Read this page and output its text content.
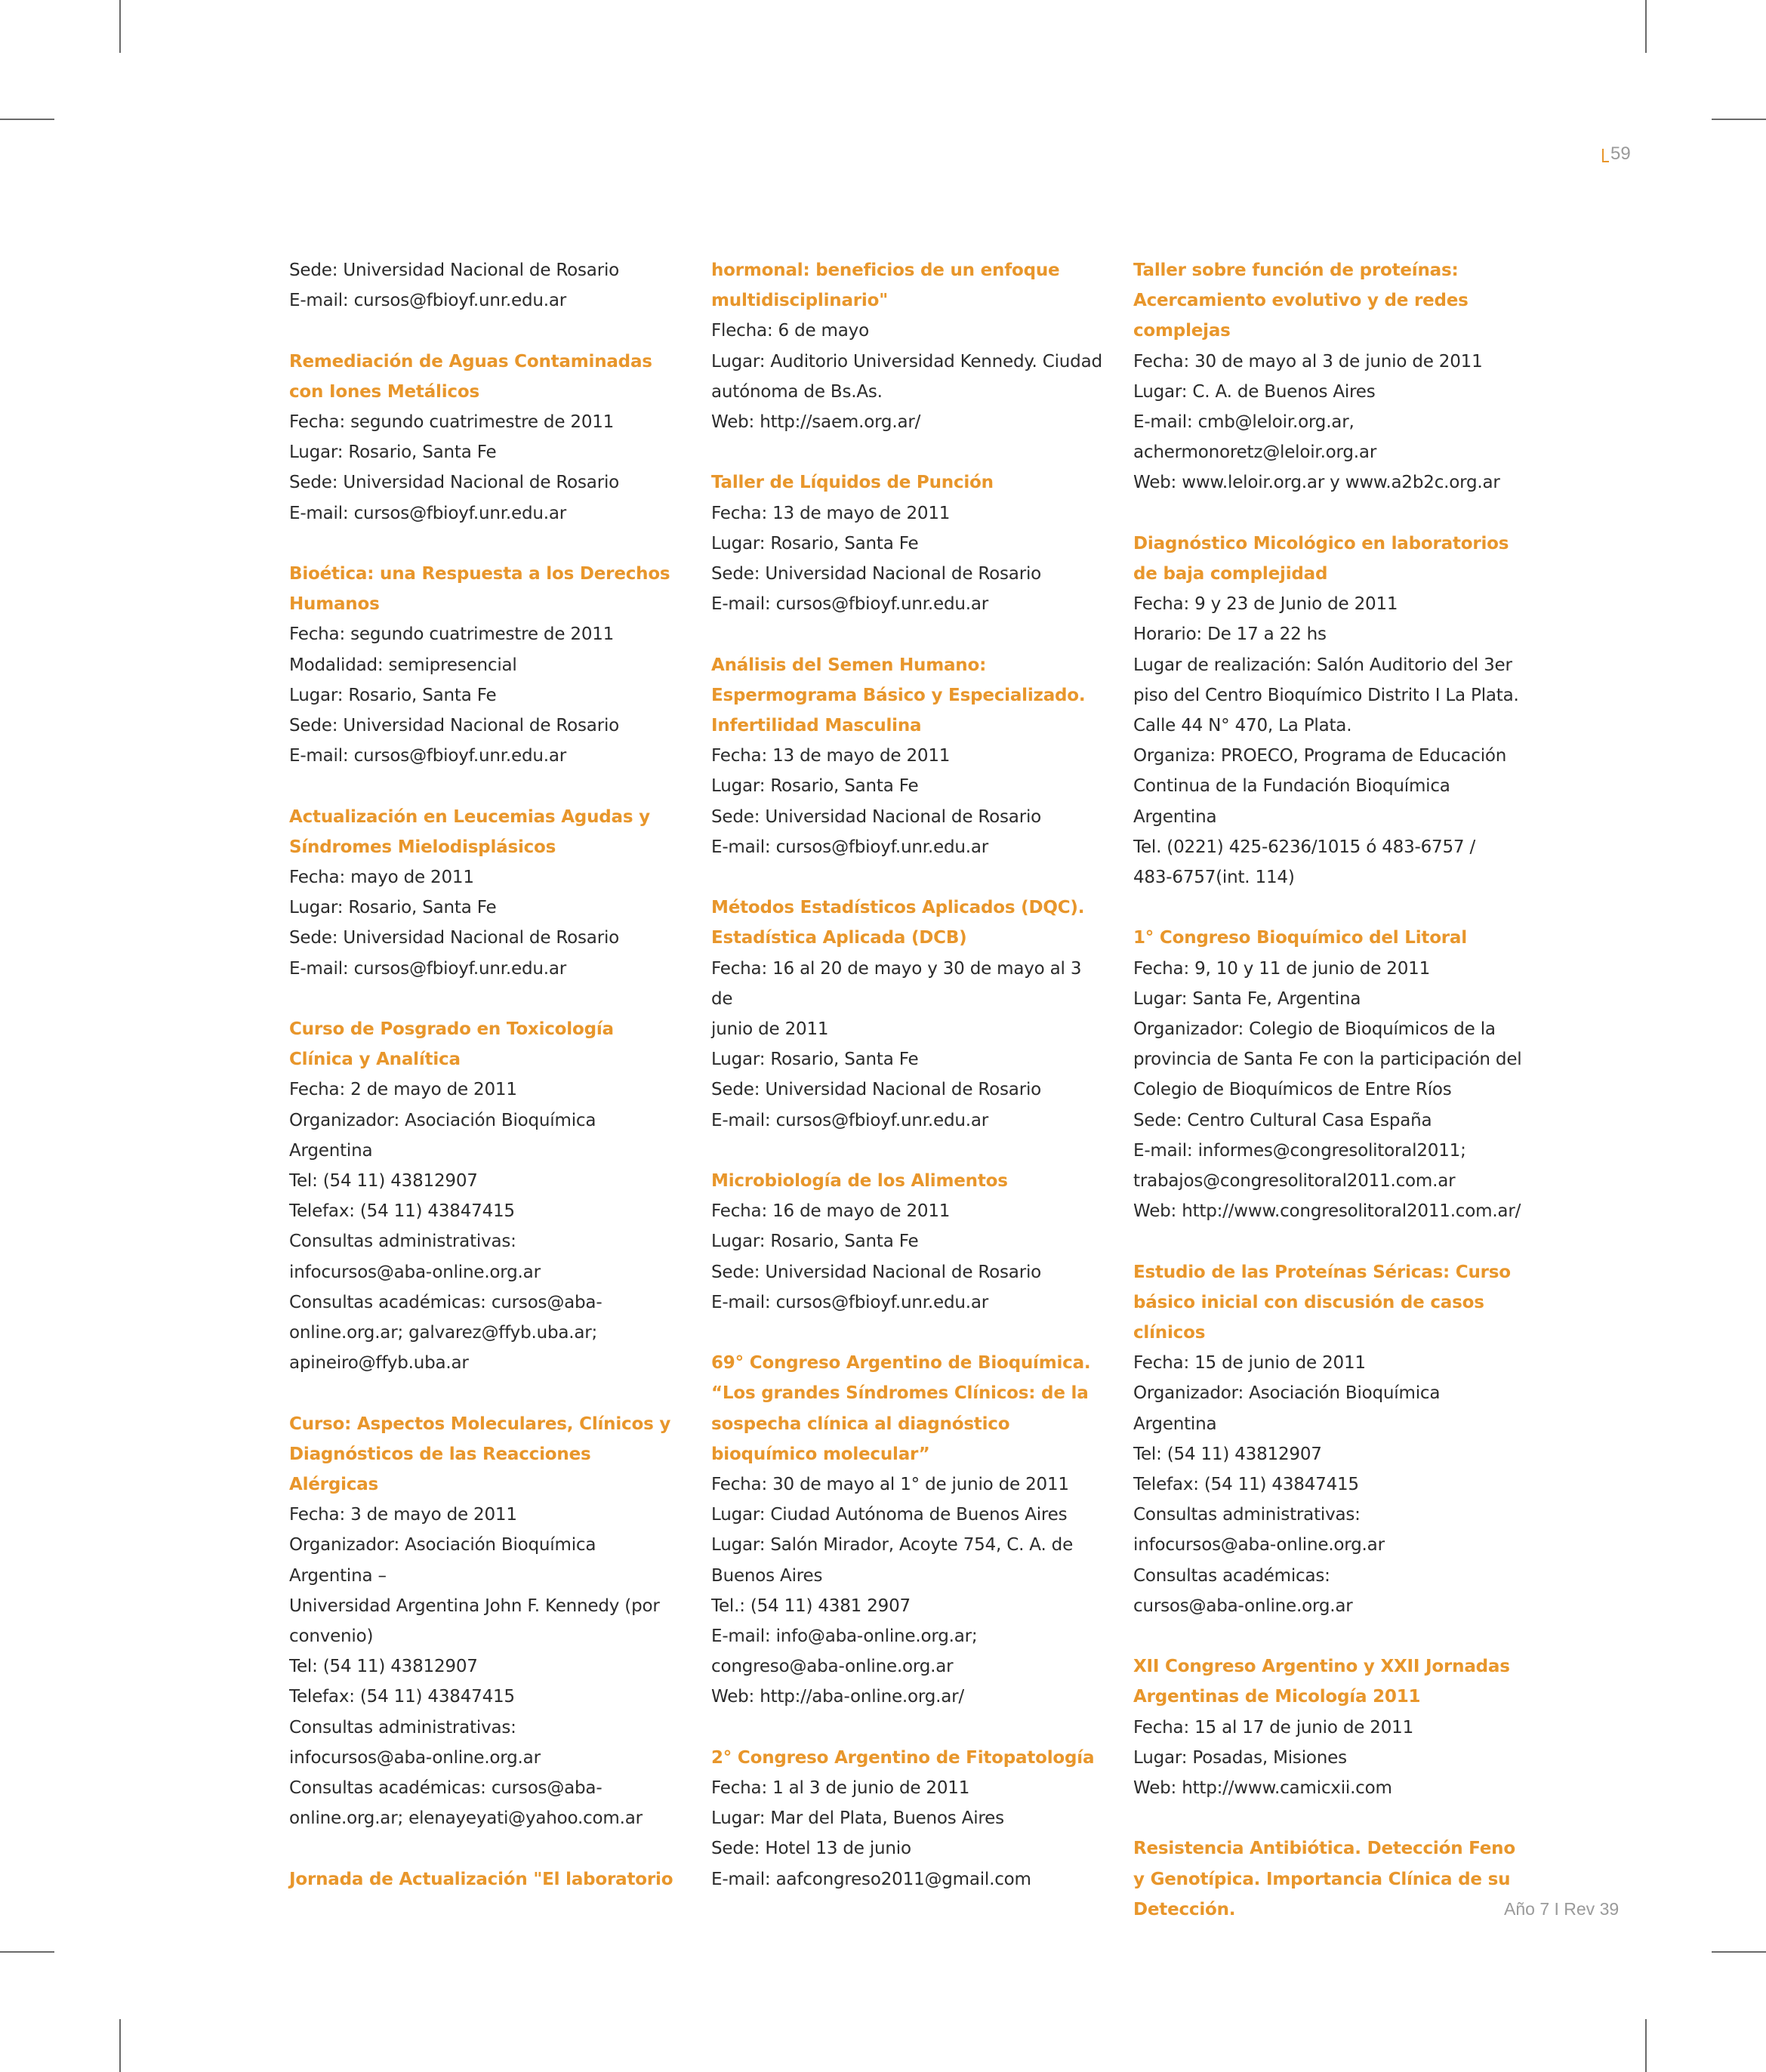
59
Sede: Universidad Nacional de Rosario
E-mail: cursos@fbioyf.unr.edu.ar
Remediación de Aguas Contaminadas con Iones Metálicos
Fecha: segundo cuatrimestre de 2011
Lugar: Rosario, Santa Fe
Sede: Universidad Nacional de Rosario
E-mail: cursos@fbioyf.unr.edu.ar
Bioética: una Respuesta a los Derechos Humanos
Fecha: segundo cuatrimestre de 2011
Modalidad: semipresencial
Lugar: Rosario, Santa Fe
Sede: Universidad Nacional de Rosario
E-mail: cursos@fbioyf.unr.edu.ar
Actualización en Leucemias Agudas y Síndromes Mielodisplásicos
Fecha: mayo de 2011
Lugar: Rosario, Santa Fe
Sede: Universidad Nacional de Rosario
E-mail: cursos@fbioyf.unr.edu.ar
Curso de Posgrado en Toxicología Clínica y Analítica
Fecha: 2 de mayo de 2011
Organizador: Asociación Bioquímica Argentina
Tel: (54 11) 43812907
Telefax: (54 11) 43847415
Consultas administrativas:
infocursos@aba-online.org.ar
Consultas académicas: cursos@aba-
online.org.ar; galvarez@ffyb.uba.ar;
apineiro@ffyb.uba.ar
Curso: Aspectos Moleculares, Clínicos y Diagnósticos de las Reacciones Alérgicas
Fecha: 3 de mayo de 2011
Organizador: Asociación Bioquímica Argentina –
Universidad Argentina John F. Kennedy (por
convenio)
Tel: (54 11) 43812907
Telefax: (54 11) 43847415
Consultas administrativas:
infocursos@aba-online.org.ar
Consultas académicas: cursos@aba-
online.org.ar; elenayeyati@yahoo.com.ar
Jornada de Actualización "El laboratorio
hormonal: beneficios de un enfoque multidisciplinario"
Flecha: 6 de mayo
Lugar: Auditorio Universidad Kennedy. Ciudad
autónoma de Bs.As.
Web: http://saem.org.ar/
Taller de Líquidos de Punción
Fecha: 13 de mayo de 2011
Lugar: Rosario, Santa Fe
Sede: Universidad Nacional de Rosario
E-mail: cursos@fbioyf.unr.edu.ar
Análisis del Semen Humano: Espermograma Básico y Especializado. Infertilidad Masculina
Fecha: 13 de mayo de 2011
Lugar: Rosario, Santa Fe
Sede: Universidad Nacional de Rosario
E-mail: cursos@fbioyf.unr.edu.ar
Métodos Estadísticos Aplicados (DQC). Estadística Aplicada (DCB)
Fecha: 16 al 20 de mayo y 30 de mayo al 3 de
junio de 2011
Lugar: Rosario, Santa Fe
Sede: Universidad Nacional de Rosario
E-mail: cursos@fbioyf.unr.edu.ar
Microbiología de los Alimentos
Fecha: 16 de mayo de 2011
Lugar: Rosario, Santa Fe
Sede: Universidad Nacional de Rosario
E-mail: cursos@fbioyf.unr.edu.ar
69° Congreso Argentino de Bioquímica. “Los grandes Síndromes Clínicos: de la sospecha clínica al diagnóstico bioquímico molecular”
Fecha: 30 de mayo al 1° de junio de 2011
Lugar: Ciudad Autónoma de Buenos Aires
Lugar: Salón Mirador, Acoyte 754, C. A. de
Buenos Aires
Tel.: (54 11) 4381 2907
E-mail: info@aba-online.org.ar;
congreso@aba-online.org.ar
Web: http://aba-online.org.ar/
2° Congreso Argentino de Fitopatología
Fecha: 1 al 3 de junio de 2011
Lugar: Mar del Plata, Buenos Aires
Sede: Hotel 13 de junio
E-mail: aafcongreso2011@gmail.com
Taller sobre función de proteínas: Acercamiento evolutivo y de redes complejas
Fecha: 30 de mayo al 3 de junio de 2011
Lugar: C. A. de Buenos Aires
E-mail: cmb@leloir.org.ar,
achermonoretz@leloir.org.ar
Web: www.leloir.org.ar y www.a2b2c.org.ar
Diagnóstico Micológico en laboratorios de baja complejidad
Fecha: 9 y 23 de Junio de 2011
Horario: De 17 a 22 hs
Lugar de realización: Salón Auditorio del 3er
piso del Centro Bioquímico Distrito I La Plata.
Calle 44 N° 470, La Plata.
Organiza: PROECO, Programa de Educación
Continua de la Fundación Bioquímica Argentina
Tel. (0221) 425-6236/1015 ó 483-6757 /
483-6757(int. 114)
1° Congreso Bioquímico del Litoral
Fecha: 9, 10 y 11 de junio de 2011
Lugar: Santa Fe, Argentina
Organizador: Colegio de Bioquímicos de la
provincia de Santa Fe con la participación del
Colegio de Bioquímicos de Entre Ríos
Sede: Centro Cultural Casa España
E-mail: informes@congresolitoral2011;
trabajos@congresolitoral2011.com.ar
Web: http://www.congresolitoral2011.com.ar/
Estudio de las Proteínas Séricas: Curso básico inicial con discusión de casos clínicos
Fecha: 15 de junio de 2011
Organizador: Asociación Bioquímica Argentina
Tel: (54 11) 43812907
Telefax: (54 11) 43847415
Consultas administrativas:
infocursos@aba-online.org.ar
Consultas académicas:
cursos@aba-online.org.ar
XII Congreso Argentino y XXII Jornadas Argentinas de Micología 2011
Fecha: 15 al 17 de junio de 2011
Lugar: Posadas, Misiones
Web: http://www.camicxii.com
Resistencia Antibiótica. Detección Feno y Genotípica. Importancia Clínica de su Detección.	Año 7 I Rev 39
